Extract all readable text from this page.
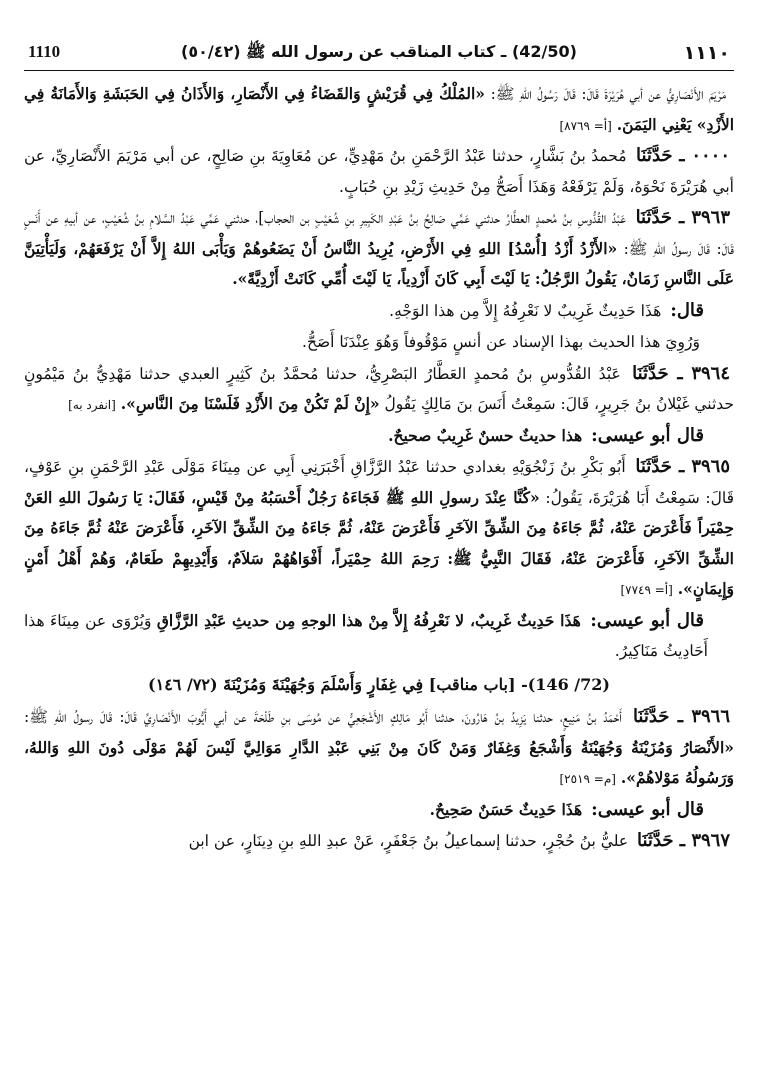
١١١٠
(42/50) ـ كتاب المناقب عن رسول الله ﷺ (٥٠/٤٢)
1110

مَرْيَمَ الأَنْصَارِيُّ عن أبي هُرَيْرَةَ قَالَ: قَالَ رَسُولُ اللهِ ﷺ: «المُلْكُ فِي قُرَيْشٍ وَالقَضَاءُ فِي الأَنْصَارِ، وَالأَذَانُ فِي الحَبَشَةِ وَالأَمَانَةُ فِي الأَزْدِ» يَعْنِي اليَمَنَ. [أ= ٨٧٦٩]

٠٠٠٠ ـ حَدَّثَنَا مُحمدُ بنُ بَشَّارٍ، حدثنا عَبْدُ الرَّحْمَنِ بنُ مَهْدِيٍّ، عن مُعَاوِيَةَ بنِ صَالِحٍ، عن أبي مَرْيَمَ الأَنْصَارِيِّ، عن أبي هُرَيْرَةَ نَحْوَهُ، وَلَمْ يَرْفَعْهُ وَهَذَا أَصَحُّ مِنْ حَدِيثِ زَيْدِ بنِ حُبَابٍ.

٣٩٦٣ ـ حَدَّثَنَا عَبْدُ القُدُّوسِ بنُ مُحمدٍ العطَّارُ حدثني عَمِّي صَالِحُ بنُ عَبْدِ الكَبِيرِ بنِ شُعَيْبٍ بن الحجاب]، حدثني عَمِّي عَبْدُ السَّلامِ بنُ شُعَيْبٍ، عن أبيهِ عن أَنَسٍ قَالَ: قَالَ رسولُ اللهِ ﷺ: «الأَزْدُ أَزْدُ [أُسْدُ] اللهِ فِي الأَرْضِ، يُرِيدُ النَّاسُ أَنْ يَضَعُوهُمْ وَيَأْبَى اللهُ إِلاَّ أَنْ يَرْفَعَهُمْ، وَلَيَأْتِيَنَّ عَلَى النَّاسِ زَمَانٌ، يَقُولُ الرَّجُلُ: يَا لَيْتَ أَبِي كَانَ أَزْدِياً، يَا لَيْتَ أُمِّي كَانَتْ أَزْدِيَّةً».

قال: هَذَا حَدِيثٌ غَرِيبٌ لا نَعْرِفُهُ إِلاَّ مِن هذا الوَجْهِ.

وَرُوِيَ هذا الحديث بهذا الإسناد عن أنسٍ مَوْقُوفاً وَهُوَ عِنْدَنَا أَصَحُّ.

٣٩٦٤ ـ حَدَّثَنَا عَبْدُ القُدُّوسِ بنُ مُحمدٍ العَطَّارُ البَصْرِيُّ، حدثنا مُحمَّدُ بنُ كَثِيرٍ العبدي حدثنا مَهْدِيُّ بنُ مَيْمُونٍ حدثني غَيْلانُ بنُ جَرِيرٍ، قَالَ: سَمِعْتُ أَنَسَ بنَ مَالِكٍ يَقُولُ «إِنْ لَمْ تَكُنْ مِنَ الأَزْدِ فَلَسْنَا مِنَ النَّاسِ». [انفرد به]

قال أبو عيسى: هذا حديثٌ حسنٌ غَرِيبٌ صحيحٌ.

٣٩٦٥ ـ حَدَّثَنَا أَبُو بَكْرِ بنُ زَنْجُوَيْهِ بغدادي حدثنا عَبْدُ الرَّزَّاقِ أَخْبَرَنِي أَبِي عن مِينَاءَ مَوْلَى عَبْدِ الرَّحْمَنِ بنِ عَوْفٍ، قَالَ: سَمِعْتُ أَبَا هُرَيْرَةَ، يَقُولُ: «كُنَّا عِنْدَ رسولِ اللهِ ﷺ فَجَاءَهُ رَجُلٌ أَحْسَبُهُ مِنْ قَيْسٍ، فَقَالَ: يَا رَسُولَ اللهِ العَنْ حِمْيَراً فَأَعْرَضَ عَنْهُ، ثُمَّ جَاءَهُ مِنَ الشِّقِّ الآخَرِ فَأَعْرَضَ عَنْهُ، ثُمَّ جَاءَهُ مِنَ الشِّقِّ الآخَرِ، فَأَعْرَضَ عَنْهُ ثُمَّ جَاءَهُ مِنَ الشِّقِّ الآخَرِ، فَأَعْرَضَ عَنْهُ، فَقَالَ النَّبِيُّ ﷺ: رَحِمَ اللهُ حِمْيَراً، أَفْوَاهُهُمْ سَلاَمٌ، وَأَيْدِيهِمْ طَعَامٌ، وَهُمْ أَهْلُ أَمْنٍ وَإِيمَانٍ». [أ= ٧٧٤٩]

قال أبو عيسى: هَذَا حَدِيثٌ غَرِيبٌ، لا نَعْرِفُهُ إِلاَّ مِنْ هذا الوجهِ مِن حديثِ عَبْدِ الرَّزَّاقِ وَيُرْوَى عن مِينَاءَ هذا أَحَادِيثُ مَنَاكِيرُ.

(72/ 146)- [باب مناقب] فِي غِفَارٍ وَأَسْلَمَ وَجُهَيْنَةَ وَمُزَيْنَةَ (٧٢/ ١٤٦)

٣٩٦٦ ـ حَدَّثَنَا أَحْمَدُ بنُ مَنِيعٍ، حدثنا يَزِيدُ بنُ هَارُونَ، حدثنا أَبُو مَالِكٍ الأَشْجَعِيُّ عن مُوسَى بنِ طَلْحَةَ عن أبي أَيُّوبَ الأَنْصَارِيِّ قَالَ: قَالَ رسولُ اللهِ ﷺ: «الأَنْصَارُ وَمُزَيْنَةُ وَجُهَيْنَةُ وَأَشْجَعُ وَغِفَارٌ وَمَنْ كَانَ مِنْ بَنِي عَبْدِ الدَّارِ مَوَالِيَّ لَيْسَ لَهُمْ مَوْلَى دُونَ اللهِ وَاللهُ، وَرَسُولُهُ مَوْلاهُمْ». [م= ٢٥١٩]

قال أبو عيسى: هَذَا حَدِيثٌ حَسَنٌ صَحِيحٌ.

٣٩٦٧ ـ حَدَّثَنَا عليُّ بنُ حُجْرٍ، حدثنا إسماعيلُ بنُ جَعْفَرٍ، عَنْ عبدِ اللهِ بنِ دِينَارٍ، عن ابن
